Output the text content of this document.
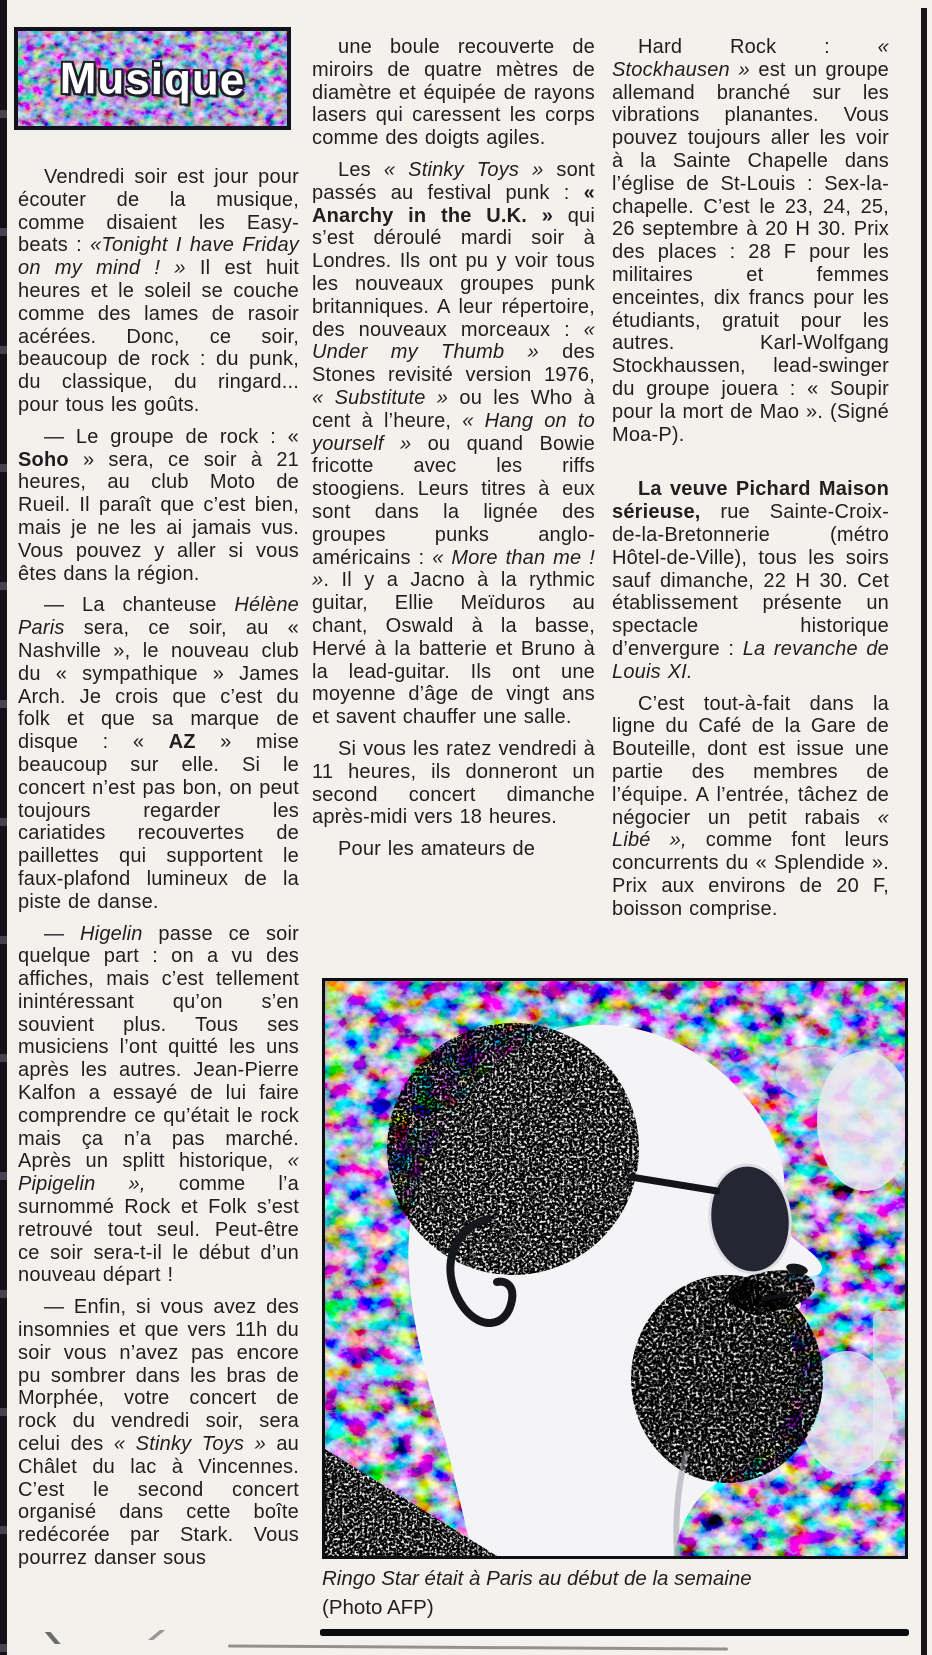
Musique

Vendredi soir est jour pour écouter de la musique, comme disaient les Easy-beats : «Tonight I have Friday on my mind ! » Il est huit heures et le soleil se couche comme des lames de rasoir acérées. Donc, ce soir, beaucoup de rock : du punk, du classique, du ringard... pour tous les goûts.

— Le groupe de rock : « Soho » sera, ce soir à 21 heures, au club Moto de Rueil. Il paraît que c’est bien, mais je ne les ai jamais vus. Vous pouvez y aller si vous êtes dans la région.

— La chanteuse Hélène Paris sera, ce soir, au « Nashville », le nouveau club du « sympathique » James Arch. Je crois que c’est du folk et que sa marque de disque : « AZ » mise beaucoup sur elle. Si le concert n’est pas bon, on peut toujours regarder les cariatides recouvertes de paillettes qui supportent le faux-plafond lumineux de la piste de danse.

— Higelin passe ce soir quelque part : on a vu des affiches, mais c’est tellement inintéressant qu’on s’en souvient plus. Tous ses musiciens l’ont quitté les uns après les autres. Jean-Pierre Kalfon a essayé de lui faire comprendre ce qu’était le rock mais ça n’a pas marché. Après un splitt historique, « Pipigelin », comme l’a surnommé Rock et Folk s’est retrouvé tout seul. Peut-être ce soir sera-t-il le début d’un nouveau départ !

— Enfin, si vous avez des insomnies et que vers 11h du soir vous n’avez pas encore pu sombrer dans les bras de Morphée, votre concert de rock du vendredi soir, sera celui des « Stinky Toys » au Châlet du lac à Vincennes. C’est le second concert organisé dans cette boîte redécorée par Stark. Vous pourrez danser sous

une boule recouverte de miroirs de quatre mètres de diamètre et équipée de rayons lasers qui caressent les corps comme des doigts agiles.

Les « Stinky Toys » sont passés au festival punk : « Anarchy in the U.K. » qui s’est déroulé mardi soir à Londres. Ils ont pu y voir tous les nouveaux groupes punk britanniques. A leur répertoire, des nouveaux morceaux : « Under my Thumb » des Stones revisité version 1976, « Substitute » ou les Who à cent à l’heure, « Hang on to yourself » ou quand Bowie fricotte avec les riffs stoogiens. Leurs titres à eux sont dans la lignée des groupes punks anglo-américains : « More than me ! ». Il y a Jacno à la rythmic guitar, Ellie Meïduros au chant, Oswald à la basse, Hervé à la batterie et Bruno à la lead-guitar. Ils ont une moyenne d’âge de vingt ans et savent chauffer une salle.

Si vous les ratez vendredi à 11 heures, ils donneront un second concert dimanche après-midi vers 18 heures.

Pour les amateurs de

Hard Rock : « Stockhausen » est un groupe allemand branché sur les vibrations planantes. Vous pouvez toujours aller les voir à la Sainte Chapelle dans l’église de St-Louis : Sex-la-chapelle. C’est le 23, 24, 25, 26 septembre à 20 H 30. Prix des places : 28 F pour les militaires et femmes enceintes, dix francs pour les étudiants, gratuit pour les autres. Karl-Wolfgang Stockhaussen, lead-swinger du groupe jouera : « Soupir pour la mort de Mao ». (Signé Moa-P).

La veuve Pichard Maison sérieuse, rue Sainte-Croix-de-la-Bretonnerie (métro Hôtel-de-Ville), tous les soirs sauf dimanche, 22 H 30. Cet établissement présente un spectacle historique d’envergure : La revanche de Louis XI.

C’est tout-à-fait dans la ligne du Café de la Gare de Bouteille, dont est issue une partie des membres de l’équipe. A l’entrée, tâchez de négocier un petit rabais « Libé », comme font leurs concurrents du « Splendide ». Prix aux environs de 20 F, boisson comprise.

Ringo Star était à Paris au début de la semaine
(Photo AFP)
